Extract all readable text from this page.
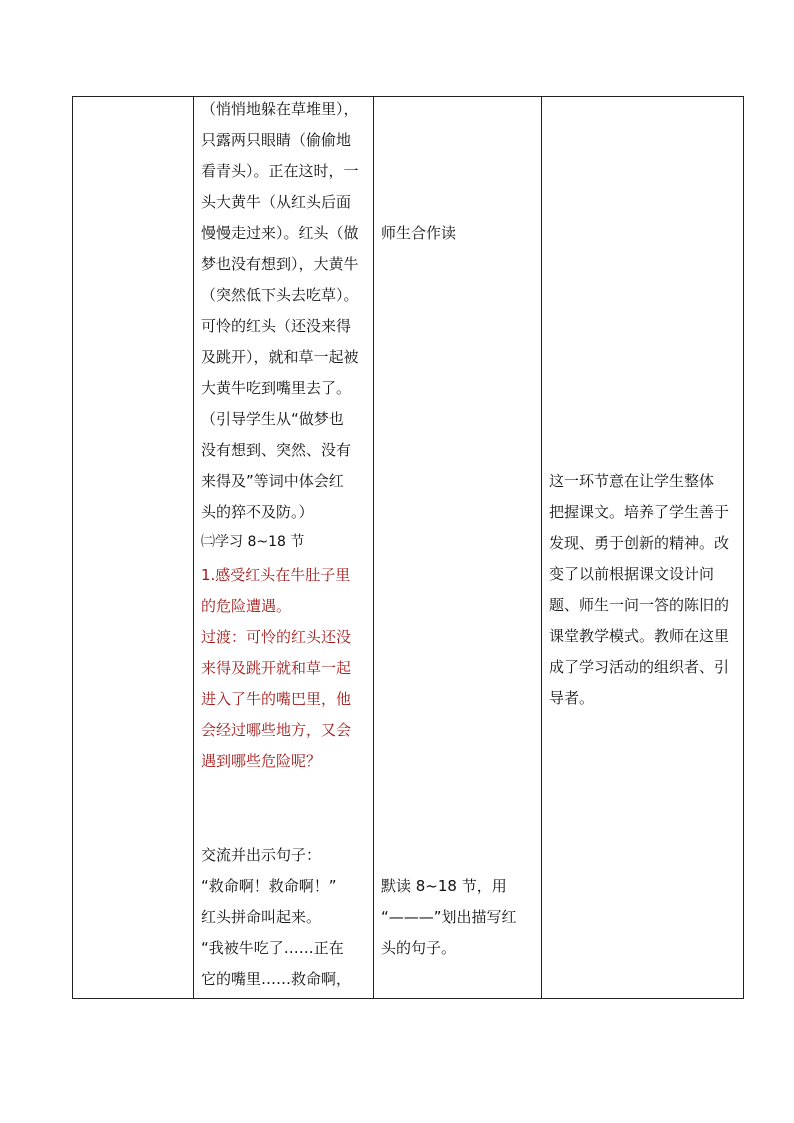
（悄悄地躲在草堆里），
只露两只眼睛（偷偷地
看青头）。正在这时，一
头大黄牛（从红头后面
慢慢走过来）。红头（做
梦也没有想到），大黄牛
（突然低下头去吃草）。
可怜的红头（还没来得
及跳开），就和草一起被
大黄牛吃到嘴里去了。
（引导学生从“做梦也
没有想到、突然、没有
来得及”等词中体会红
头的猝不及防。）
㈡学习 8~18 节
1.感受红头在牛肚子里
的危险遭遇。
过渡：可怜的红头还没
来得及跳开就和草一起
进入了牛的嘴巴里，他
会经过哪些地方，又会
遇到哪些危险呢？
交流并出示句子：
“救命啊！救命啊！”
红头拼命叫起来。
“我被牛吃了……正在
它的嘴里……救命啊，
师生合作读
默读 8~18 节，用
“———”划出描写红
头的句子。
这一环节意在让学生整体
把握课文。培养了学生善于
发现、勇于创新的精神。改
变了以前根据课文设计问
题、师生一问一答的陈旧的
课堂教学模式。教师在这里
成了学习活动的组织者、引
导者。
